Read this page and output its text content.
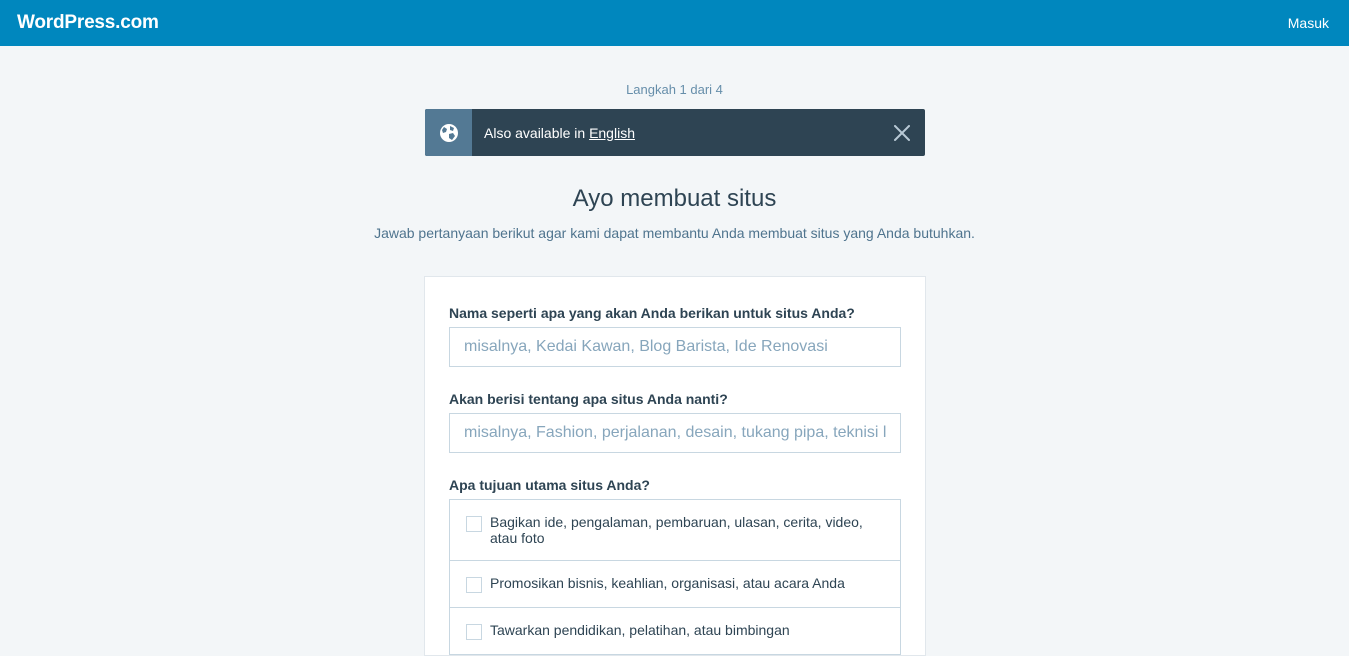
WordPress.com	Masuk
Langkah 1 dari 4
Also available in English
Ayo membuat situs

Jawab pertanyaan berikut agar kami dapat membantu Anda membuat situs yang Anda butuhkan.

Nama seperti apa yang akan Anda berikan untuk situs Anda?
misalnya, Kedai Kawan, Blog Barista, Ide Renovasi
Akan berisi tentang apa situs Anda nanti?
misalnya, Fashion, perjalanan, desain, tukang pipa, teknisi listrik
Apa tujuan utama situs Anda?
Bagikan ide, pengalaman, pembaruan, ulasan, cerita, video, atau foto
Promosikan bisnis, keahlian, organisasi, atau acara Anda
Tawarkan pendidikan, pelatihan, atau bimbingan
